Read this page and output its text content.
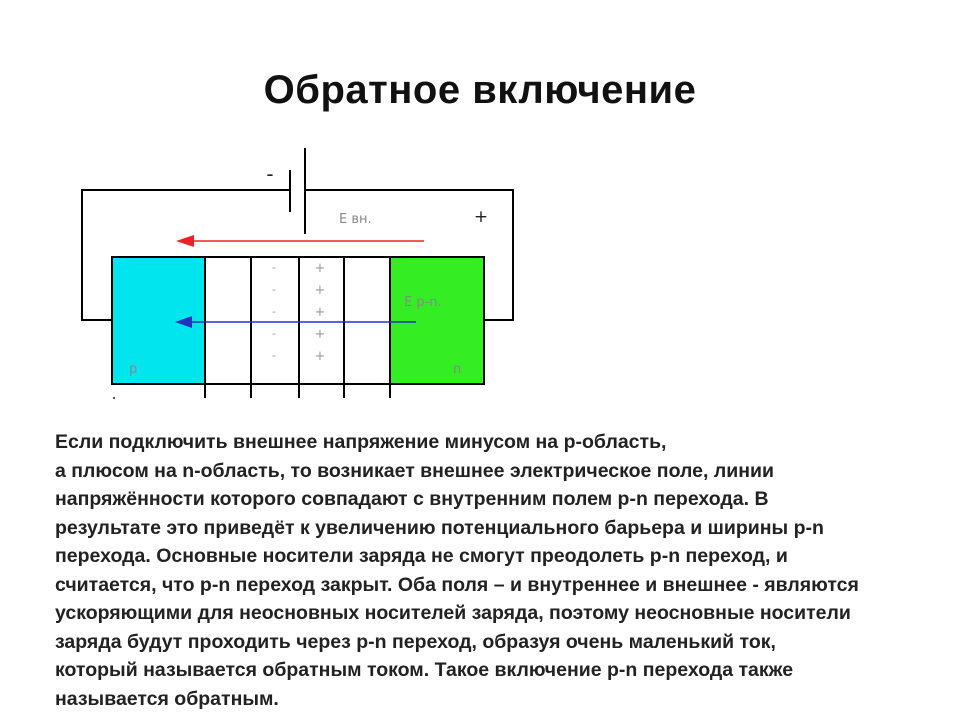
Обратное включение
-
+
E вн.
-
-
-
-
-
+
+
+
+
+
E p-n.
p	n
Если подключить внешнее напряжение минусом на p-область,
а плюсом на n-область, то возникает внешнее электрическое поле, линии
напряжённости которого совпадают с внутренним полем p-n перехода. В
результате это приведёт к увеличению потенциального барьера и ширины p-n
перехода. Основные носители заряда не смогут преодолеть p-n переход, и
считается, что p-n переход закрыт. Оба поля – и внутреннее и внешнее - являются
ускоряющими для неосновных носителей заряда, поэтому неосновные носители
заряда будут проходить через p-n переход, образуя очень маленький ток,
который называется обратным током. Такое включение p-n перехода также
называется обратным.
